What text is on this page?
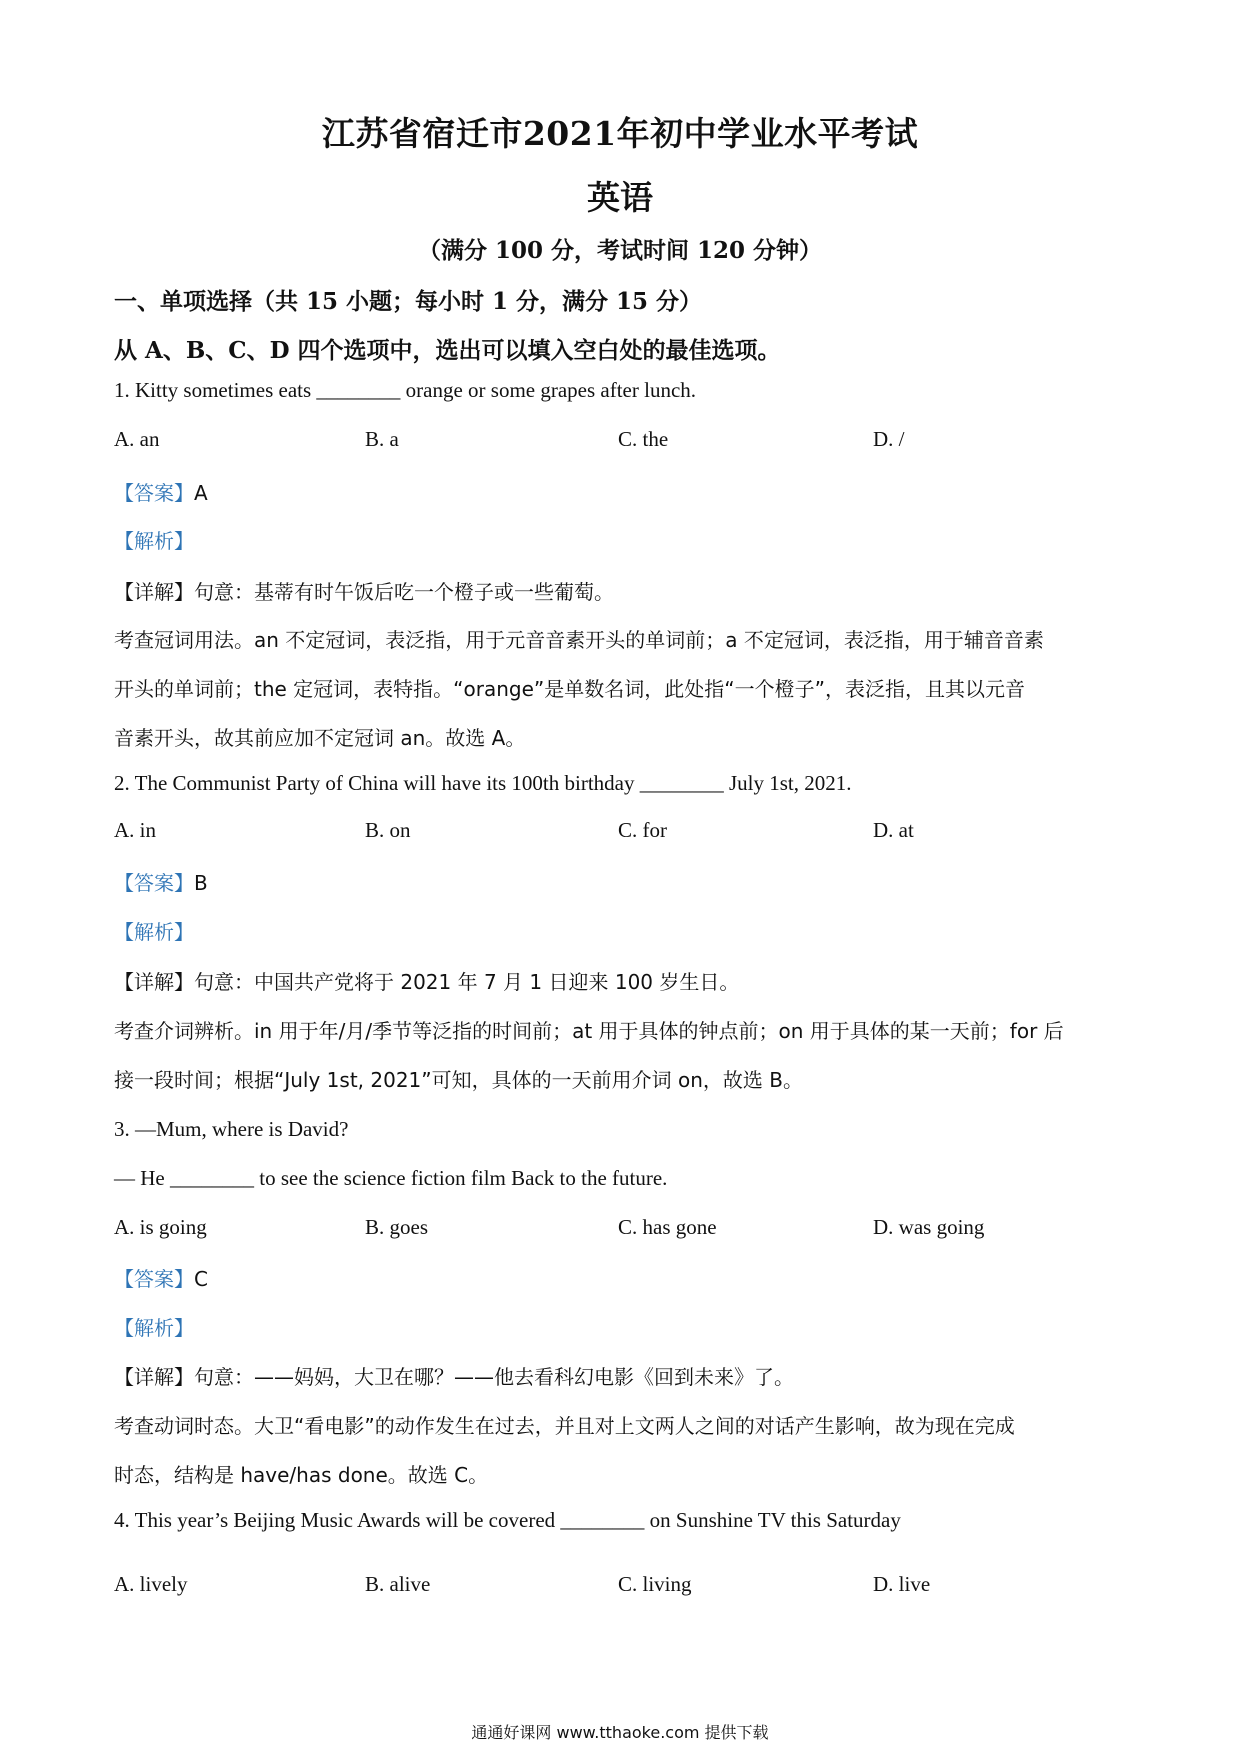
江苏省宿迁市2021年初中学业水平考试
英语
（满分 100 分，考试时间 120 分钟）
一、单项选择（共 15 小题；每小时 1 分，满分 15 分）
从 A、B、C、D 四个选项中，选出可以填入空白处的最佳选项。
1. Kitty sometimes eats ________ orange or some grapes after lunch.
A. an	B. a	C. the	D. /
【答案】A
【解析】
【详解】句意：基蒂有时午饭后吃一个橙子或一些葡萄。
考查冠词用法。an 不定冠词，表泛指，用于元音音素开头的单词前；a 不定冠词，表泛指，用于辅音音素
开头的单词前；the 定冠词，表特指。“orange”是单数名词，此处指“一个橙子”，表泛指，且其以元音
音素开头，故其前应加不定冠词 an。故选 A。
2. The Communist Party of China will have its 100th birthday ________ July 1st, 2021.
A. in	B. on	C. for	D. at
【答案】B
【解析】
【详解】句意：中国共产党将于 2021 年 7 月 1 日迎来 100 岁生日。
考查介词辨析。in 用于年/月/季节等泛指的时间前；at 用于具体的钟点前；on 用于具体的某一天前；for 后
接一段时间；根据“July 1st, 2021”可知，具体的一天前用介词 on，故选 B。
3. —Mum, where is David?
— He ________ to see the science fiction film Back to the future.
A. is going	B. goes	C. has gone	D. was going
【答案】C
【解析】
【详解】句意：——妈妈，大卫在哪？——他去看科幻电影《回到未来》了。
考查动词时态。大卫“看电影”的动作发生在过去，并且对上文两人之间的对话产生影响，故为现在完成
时态，结构是 have/has done。故选 C。
4. This year’s Beijing Music Awards will be covered ________ on Sunshine TV this Saturday
A. lively	B. alive	C. living	D. live
通通好课网 www.tthaoke.com 提供下载
